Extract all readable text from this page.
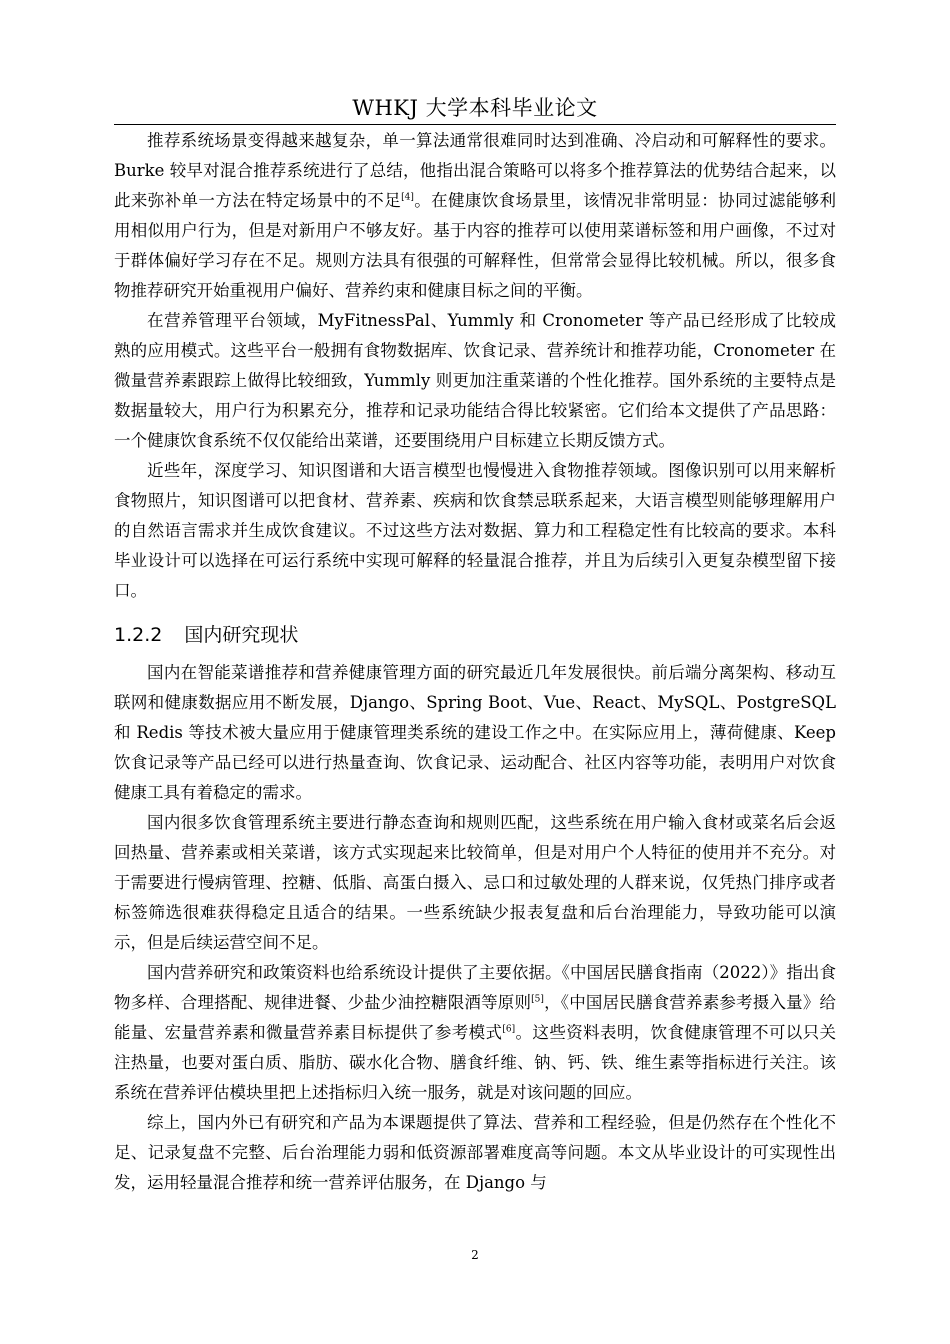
WHKJ 大学本科毕业论文

推荐系统场景变得越来越复杂，单一算法通常很难同时达到准确、冷启动和可解释性的要求。Burke 较早对混合推荐系统进行了总结，他指出混合策略可以将多个推荐算法的优势结合起来，以此来弥补单一方法在特定场景中的不足[4]。在健康饮食场景里，该情况非常明显：协同过滤能够利用相似用户行为，但是对新用户不够友好。基于内容的推荐可以使用菜谱标签和用户画像，不过对于群体偏好学习存在不足。规则方法具有很强的可解释性，但常常会显得比较机械。所以，很多食物推荐研究开始重视用户偏好、营养约束和健康目标之间的平衡。

在营养管理平台领域，MyFitnessPal、Yummly 和 Cronometer 等产品已经形成了比较成熟的应用模式。这些平台一般拥有食物数据库、饮食记录、营养统计和推荐功能，Cronometer 在微量营养素跟踪上做得比较细致，Yummly 则更加注重菜谱的个性化推荐。国外系统的主要特点是数据量较大，用户行为积累充分，推荐和记录功能结合得比较紧密。它们给本文提供了产品思路：一个健康饮食系统不仅仅能给出菜谱，还要围绕用户目标建立长期反馈方式。

近些年，深度学习、知识图谱和大语言模型也慢慢进入食物推荐领域。图像识别可以用来解析食物照片，知识图谱可以把食材、营养素、疾病和饮食禁忌联系起来，大语言模型则能够理解用户的自然语言需求并生成饮食建议。不过这些方法对数据、算力和工程稳定性有比较高的要求。本科毕业设计可以选择在可运行系统中实现可解释的轻量混合推荐，并且为后续引入更复杂模型留下接口。

1.2.2 国内研究现状

国内在智能菜谱推荐和营养健康管理方面的研究最近几年发展很快。前后端分离架构、移动互联网和健康数据应用不断发展，Django、Spring Boot、Vue、React、MySQL、PostgreSQL 和 Redis 等技术被大量应用于健康管理类系统的建设工作之中。在实际应用上，薄荷健康、Keep 饮食记录等产品已经可以进行热量查询、饮食记录、运动配合、社区内容等功能，表明用户对饮食健康工具有着稳定的需求。

国内很多饮食管理系统主要进行静态查询和规则匹配，这些系统在用户输入食材或菜名后会返回热量、营养素或相关菜谱，该方式实现起来比较简单，但是对用户个人特征的使用并不充分。对于需要进行慢病管理、控糖、低脂、高蛋白摄入、忌口和过敏处理的人群来说，仅凭热门排序或者标签筛选很难获得稳定且适合的结果。一些系统缺少报表复盘和后台治理能力，导致功能可以演示，但是后续运营空间不足。

国内营养研究和政策资料也给系统设计提供了主要依据。《中国居民膳食指南（2022）》指出食物多样、合理搭配、规律进餐、少盐少油控糖限酒等原则[5]，《中国居民膳食营养素参考摄入量》给能量、宏量营养素和微量营养素目标提供了参考模式[6]。这些资料表明，饮食健康管理不可以只关注热量，也要对蛋白质、脂肪、碳水化合物、膳食纤维、钠、钙、铁、维生素等指标进行关注。该系统在营养评估模块里把上述指标归入统一服务，就是对该问题的回应。

综上，国内外已有研究和产品为本课题提供了算法、营养和工程经验，但是仍然存在个性化不足、记录复盘不完整、后台治理能力弱和低资源部署难度高等问题。本文从毕业设计的可实现性出发，运用轻量混合推荐和统一营养评估服务，在 Django 与

2
